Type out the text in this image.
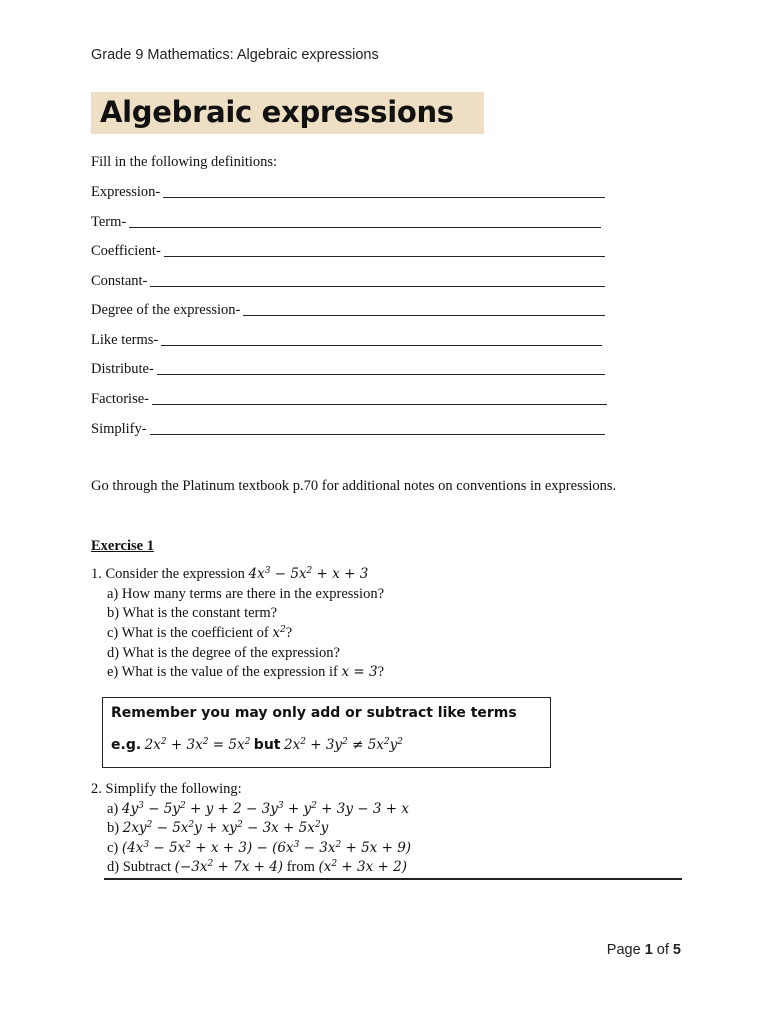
Grade 9 Mathematics: Algebraic expressions
Algebraic expressions
Fill in the following definitions:
Expression-
Term-
Coefficient-
Constant-
Degree of the expression-
Like terms-
Distribute-
Factorise-
Simplify-
Go through the Platinum textbook p.70 for additional notes on conventions in expressions.
Exercise 1
1. Consider the expression $4x^3 - 5x^2 + x + 3$
a) How many terms are there in the expression?
b) What is the constant term?
c) What is the coefficient of $x^2$?
d) What is the degree of the expression?
e) What is the value of the expression if x = 3?
Remember you may only add or subtract like terms
e.g. $2x^2 + 3x^2 = 5x^2$ but $2x^2 + 3y^2 \ne 5x^2y^2$
2. Simplify the following:
a) $4y^3 - 5y^2 + y + 2 - 3y^3 + y^2 + 3y - 3 + x$
b) $2xy^2 - 5x^2y + xy^2 - 3x + 5x^2y$
c) $(4x^3 - 5x^2 + x + 3) - (6x^3 - 3x^2 + 5x + 9)$
d) Subtract $(-3x^2 + 7x + 4)$ from $(x^2 + 3x + 2)$
Page 1 of 5
